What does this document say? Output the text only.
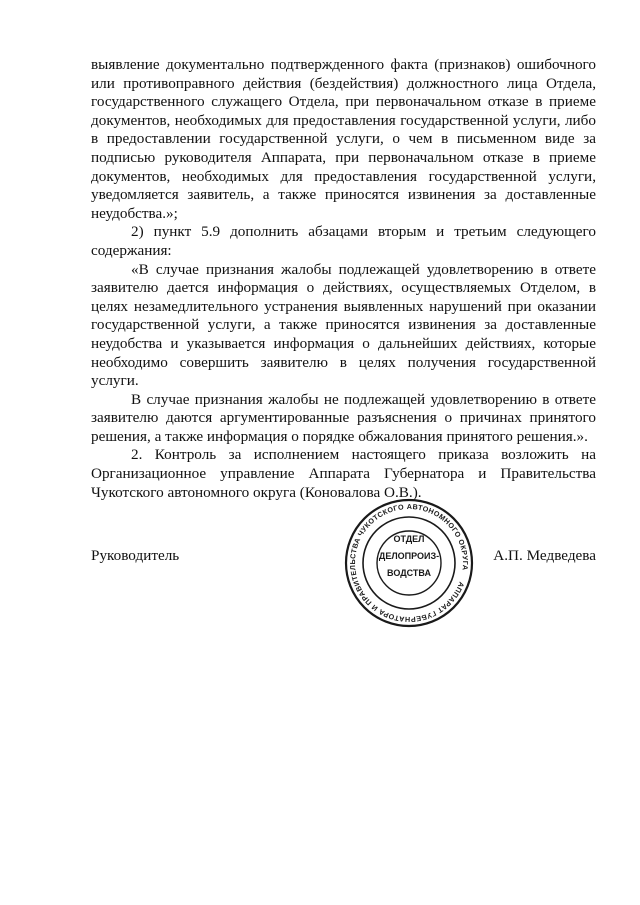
выявление документально подтвержденного факта (признаков) ошибочного или противоправного действия (бездействия) должностного лица Отдела, государственного служащего Отдела, при первоначальном отказе в приеме документов, необходимых для предоставления государственной услуги, либо в предоставлении государственной услуги, о чем в письменном виде за подписью руководителя Аппарата, при первоначальном отказе в приеме документов, необходимых для предоставления государственной услуги, уведомляется заявитель, а также приносятся извинения за доставленные неудобства.»;

2) пункт 5.9 дополнить абзацами вторым и третьим следующего содержания:

«В случае признания жалобы подлежащей удовлетворению в ответе заявителю дается информация о действиях, осуществляемых Отделом, в целях незамедлительного устранения выявленных нарушений при оказании государственной услуги, а также приносятся извинения за доставленные неудобства и указывается информация о дальнейших действиях, которые необходимо совершить заявителю в целях получения государственной услуги.

В случае признания жалобы не подлежащей удовлетворению в ответе заявителю даются аргументированные разъяснения о причинах принятого решения, а также информация о порядке обжалования принятого решения.».

2. Контроль за исполнением настоящего приказа возложить на Организационное управление Аппарата Губернатора и Правительства Чукотского автономного округа (Коновалова О.В.).

Руководитель	А.П. Медведева
АППАРАТ ГУБЕРНАТОРА И ПРАВИТЕЛЬСТВА ЧУКОТСКОГО АВТОНОМНОГО ОКРУГА
ОТДЕЛ
ДЕЛОПРОИЗ-
ВОДСТВА
